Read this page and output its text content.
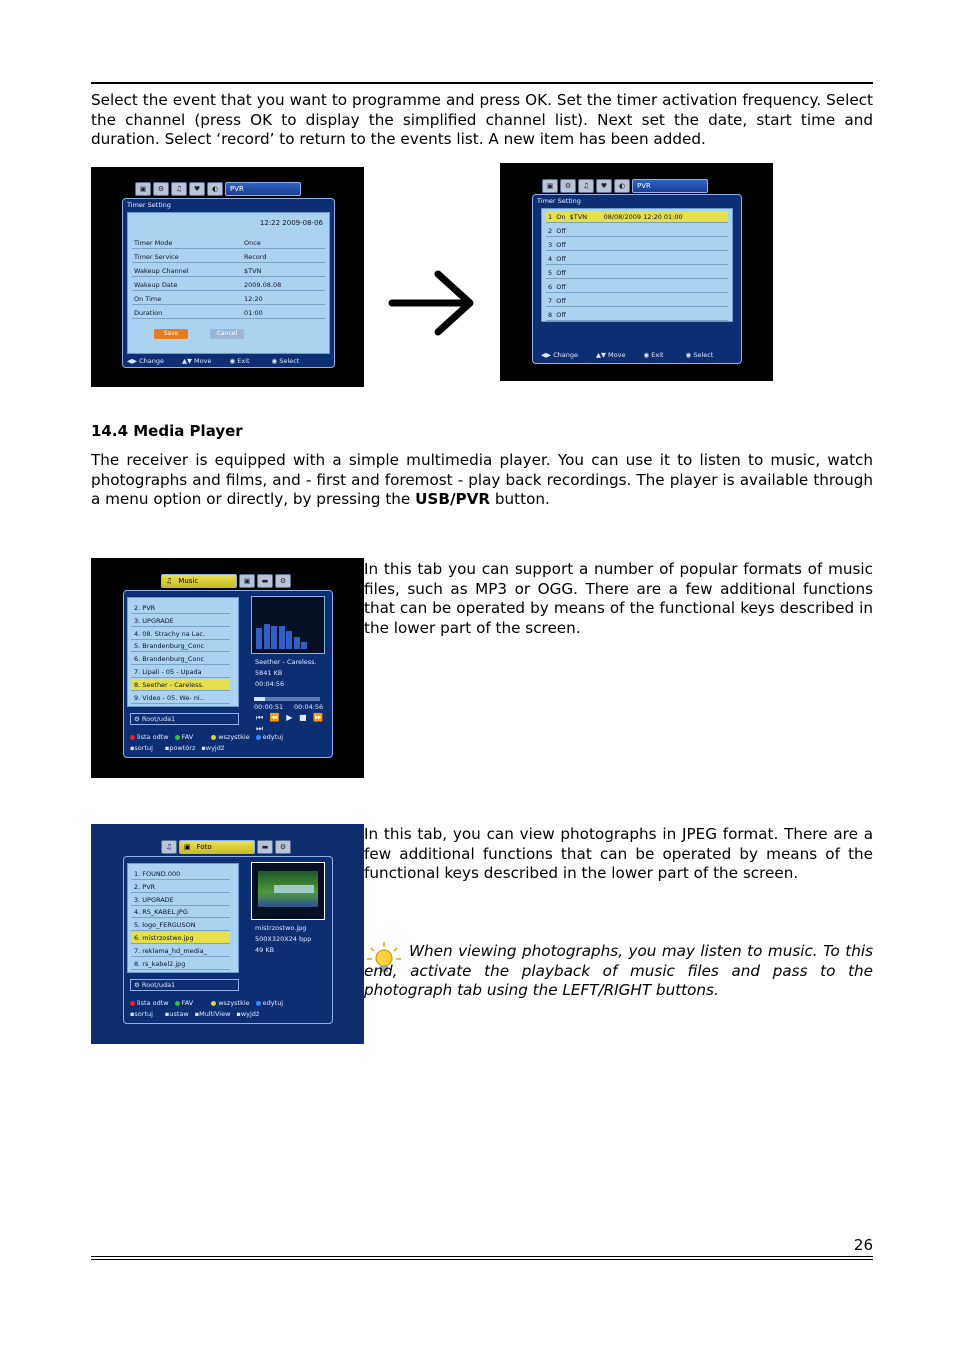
Select the event that you want to programme and press OK. Set the timer activation frequency. Select the channel (press OK to display the simplified channel list). Next set the date, start time and duration. Select ‘record’ to return to the events list. A new item has been added.

▣	⚙	♫	♥	◐	PVR
Timer Setting
12:22 2009-08-06
Timer Mode	Once
Timer Service	Record
Wakeup Channel	$TVN
Wakeup Date	2009.08.08
On Time	12:20
Duration	01:00
Save	Cancel
◀▶ Change	▲▼ Move	◉ Exit	◉ Select
▣	⚙	♫	♥	◐	PVR
Timer Setting
1  On  $TVN        08/08/2009 12:20 01:00
2  Off
3  Off
4  Off
5  Off
6  Off
7  Off
8  Off
◀▶ Change	▲▼ Move	◉ Exit	◉ Select
14.4 Media Player

The receiver is equipped with a simple multimedia player. You can use it to listen to music, watch photographs and films, and - first and foremost - play back recordings. The player is available through a menu option or directly, by pressing the USB/PVR button.

♫ Music	▣	▬	⚙
2. PVR
3. UPGRADE
4. 08. Strachy na Lac.
5. Brandenburg_Conc
6. Brandenburg_Conc
7. Lipali - 05 - Upada
8. Seether - Careless.
9. Video - 05. We- ni..
⚙ Root/uda1
Seether - Careless.
5841 KB
00:04:56
00:00:51 00:04:56
⏮ ⏪ ▶ ■ ⏩ ⏭
lista odtw	FAV	wszystkie	edytuj
▪sortuj ▪powtórz ▪wyjdź

In this tab you can support a number of popular formats of music files, such as MP3 or OGG. There are a few additional functions that can be operated by means of the functional keys described in the lower part of the screen.

♫	▣ Foto	▬	⚙
1. FOUND.000
2. PVR
3. UPGRADE
4. RS_KABEL.JPG
5. logo_FERGUSON
6. mistrzostwo.jpg
7. reklama_hd_media_
8. rs_kabel2.jpg
⚙ Root/uda1
mistrzostwo.jpg
500X320X24 bpp
49 KB
lista odtw	FAV	wszystkie	edytuj
▪sortuj ▪ustaw ▪MultiView ▪wyjdź

In this tab, you can view photographs in JPEG format. There are a few additional functions that can be operated by means of the functional keys described in the lower part of the screen.

When viewing photographs, you may listen to music. To this end, activate the playback of music files and pass to the photograph tab using the LEFT/RIGHT buttons.

26
